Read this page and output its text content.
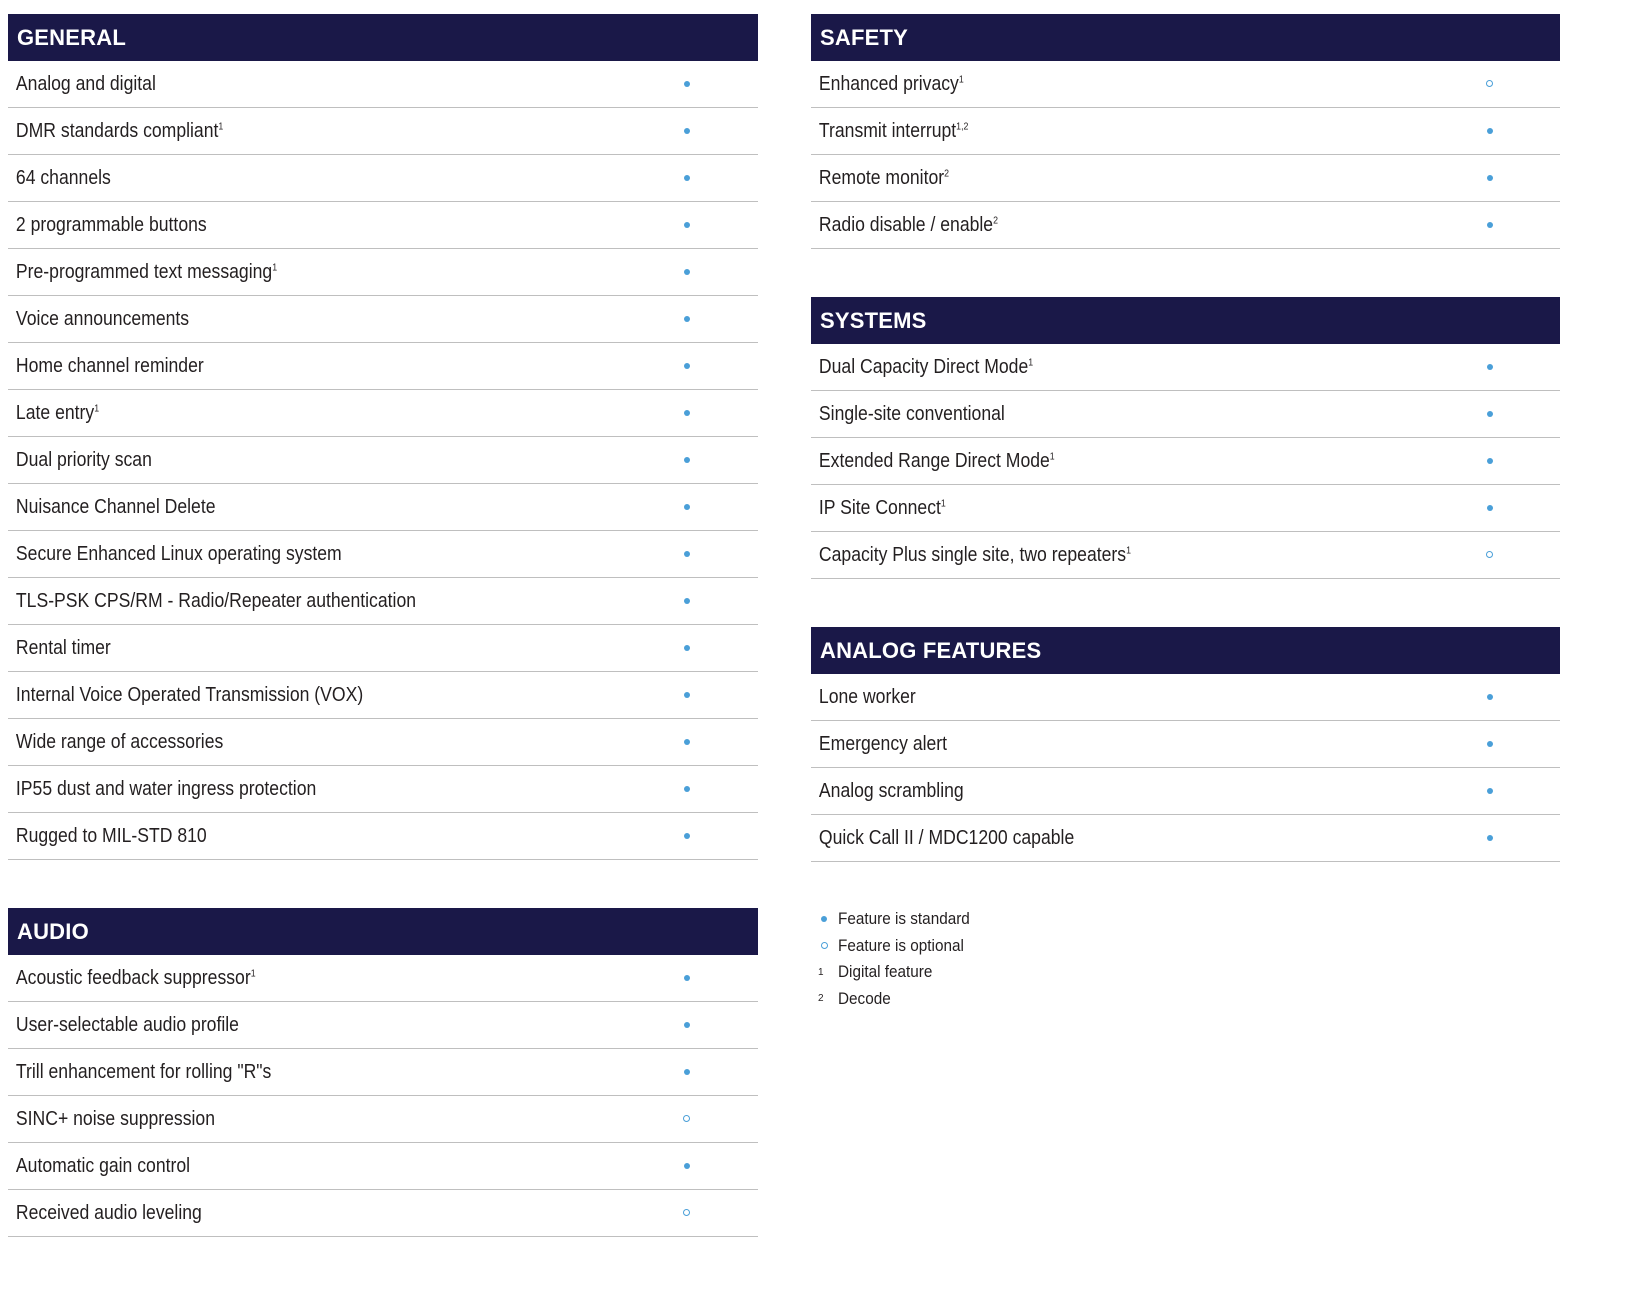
GENERAL
Analog and digital
DMR standards compliant$^1$
64 channels
2 programmable buttons
Pre-programmed text messaging$^1$
Voice announcements
Home channel reminder
Late entry$^1$
Dual priority scan
Nuisance Channel Delete
Secure Enhanced Linux operating system
TLS-PSK CPS/RM - Radio/Repeater authentication
Rental timer
Internal Voice Operated Transmission (VOX)
Wide range of accessories
IP55 dust and water ingress protection
Rugged to MIL-STD 810
AUDIO
Acoustic feedback suppressor$^1$
User-selectable audio profile
Trill enhancement for rolling "R"s
SINC+ noise suppression
Automatic gain control
Received audio leveling
SAFETY
Enhanced privacy$^1$
Transmit interrupt$^{1,2}$
Remote monitor$^2$
Radio disable / enable$^2$
SYSTEMS
Dual Capacity Direct Mode$^1$
Single-site conventional
Extended Range Direct Mode$^1$
IP Site Connect$^1$
Capacity Plus single site, two repeaters$^1$
ANALOG FEATURES
Lone worker
Emergency alert
Analog scrambling
Quick Call II / MDC1200 capable
Feature is standard
Feature is optional
1 Digital feature
2 Decode
